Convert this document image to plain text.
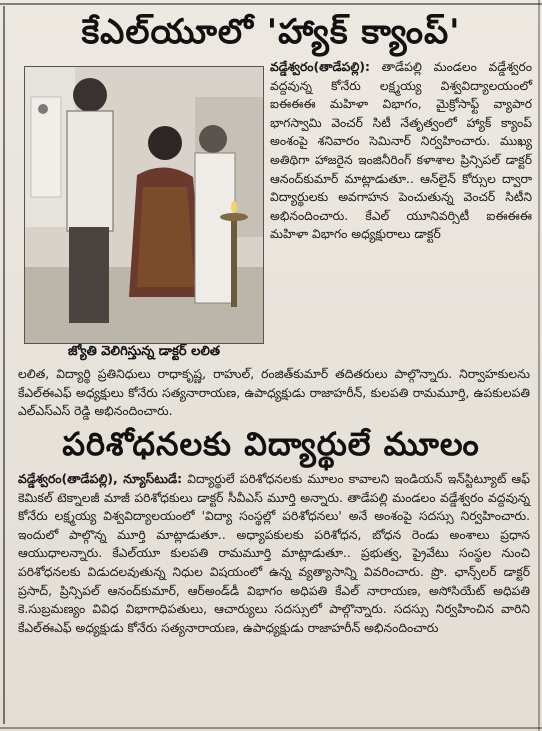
కేఎల్‌యూలో 'హ్యాక్ క్యాంప్'
జ్యోతి వెలిగిస్తున్న డాక్టర్ లలిత
వడ్డేశ్వరం(తాడేపల్లి): తాడేపల్లి మండలం వడ్డేశ్వరం వద్దవున్న కోనేరు లక్ష్మయ్య విశ్వవిద్యాలయంలో ఐఈఈఈ మహిళా విభాగం, మైక్రోసాఫ్ట్ వ్యాపార భాగస్వామి వెంచర్ సిటీ నేతృత్వంలో హ్యాక్ క్యాంప్ అంశంపై శనివారం సెమినార్ నిర్వహించారు. ముఖ్య అతిథిగా హాజరైన ఇంజినీరింగ్ కళాశాల ప్రిన్సిపల్ డాక్టర్ ఆనంద్‌కుమార్ మాట్లాడుతూ.. ఆన్‌లైన్ కోర్సుల ద్వారా విద్యార్థులకు అవగాహన పెంచుతున్న వెంచర్ సిటీని అభినందించారు. కేఎల్ యూనివర్సిటీ ఐఈఈఈ మహిళా విభాగం అధ్యక్షురాలు డాక్టర్
లలిత, విద్యార్థి ప్రతినిధులు రాధాకృష్ణ, రాహుల్, రంజిత్‌కుమార్ తదితరులు పాల్గొన్నారు. నిర్వాహకులను కేఎల్ఈఎఫ్ అధ్యక్షులు కోనేరు సత్యనారాయణ, ఉపాధ్యక్షుడు రాజాహరీన్, కులపతి రామమూర్తి, ఉపకులపతి ఎల్ఎస్ఎస్ రెడ్డి అభినందించారు.
పరిశోధనలకు విద్యార్థులే మూలం
వడ్డేశ్వరం(తాడేపల్లి), న్యూస్‌టుడే: విద్యార్థులే పరిశోధనలకు మూలం కావాలని ఇండియన్ ఇన్‌స్టిట్యూట్ ఆఫ్ కెమికల్ టెక్నాలజీ మాజీ పరిశోధకులు డాక్టర్ సీవీఎస్ మూర్తి అన్నారు. తాడేపల్లి మండలం వడ్డేశ్వరం వద్దవున్న కోనేరు లక్ష్మయ్య విశ్వవిద్యాలయంలో 'విద్యా సంస్థల్లో పరిశోధనలు' అనే అంశంపై సదస్సు నిర్వహించారు. ఇందులో పాల్గొన్న మూర్తి మాట్లాడుతూ.. అధ్యాపకులకు పరిశోధన, బోధన రెండు అంశాలు ప్రధాన ఆయుధాలన్నారు. కేఎల్‌యూ కులపతి రామమూర్తి మాట్లాడుతూ.. ప్రభుత్వ, ప్రైవేటు సంస్థల నుంచి పరిశోధనలకు విడుదలవుతున్న నిధుల విషయంలో ఉన్న వ్యత్యాసాన్ని వివరించారు. ప్రొ. ఛాన్స్‌లర్ డాక్టర్ ప్రసాద్, ప్రిన్సిపల్ ఆనంద్‌కుమార్, ఆర్‌అండ్‌డీ విభాగం అధిపతి కేఎల్ నారాయణ, అసోసియేట్ అధిపతి కె.సుబ్రమణ్యం వివిధ విభాగాధిపతులు, ఆచార్యులు సదస్సులో పాల్గొన్నారు. సదస్సు నిర్వహించిన వారిని కేఎల్ఈఎఫ్ అధ్యక్షుడు కోనేరు సత్యనారాయణ, ఉపాధ్యక్షుడు రాజాహరీన్ అభినందించారు
